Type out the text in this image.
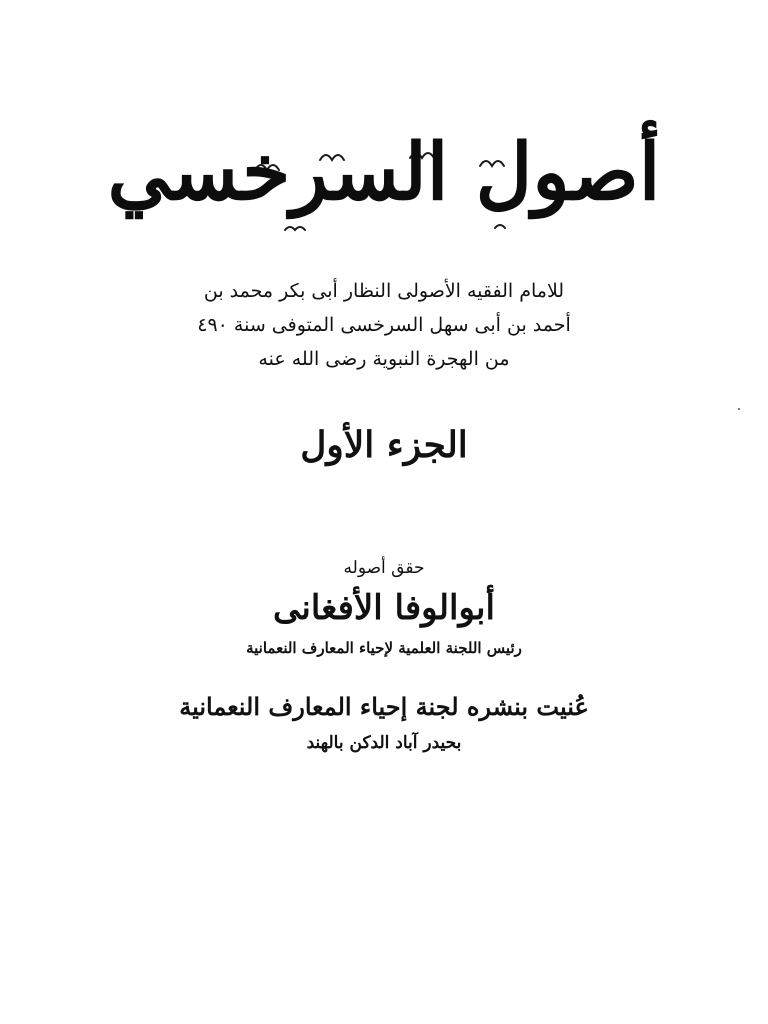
أصول السرخسي
للامام الفقيه الأصولى النظار أبى بكر محمد بن
أحمد بن أبى سهل السرخسى المتوفى سنة ٤٩٠
من الهجرة النبوية رضى الله عنه
الجزء الأول
حقق أصوله
أبوالوفا الأفغانى
رئيس اللجنة العلمية لإحياء المعارف النعمانية
عُنيت بنشره لجنة إحياء المعارف النعمانية
بحيدر آباد الدكن بالهند
